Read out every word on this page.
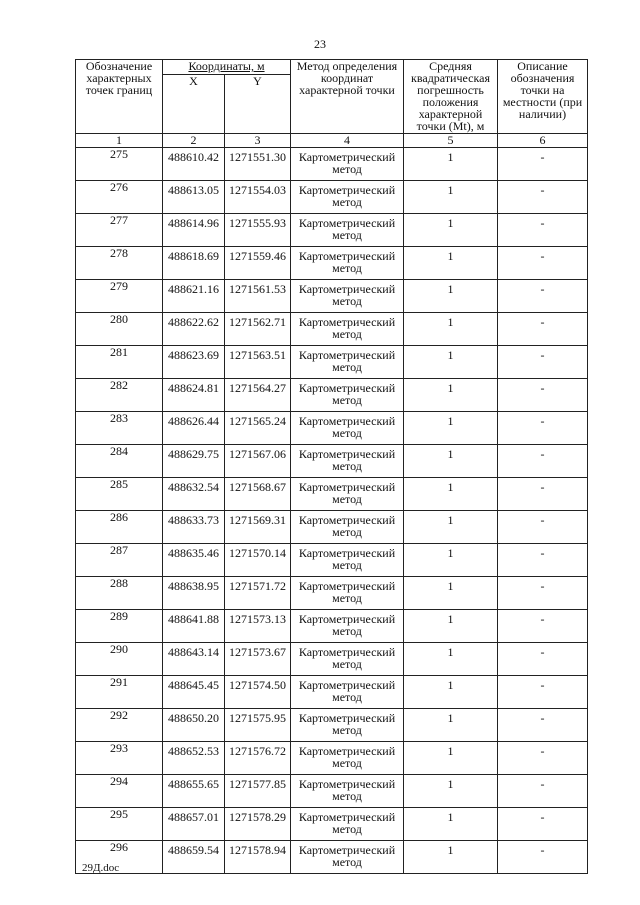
23
Обозначение характерных точек границ	Координаты, м		Метод определения координат характерной точки	Средняя квадратическая погрешность положения характерной точки (Mt), м	Описание обозначения точки на местности (при наличии)
	X	Y			
1	2	3	4	5	6
275	488610.42	1271551.30	Картометрический метод	1	-
276	488613.05	1271554.03	Картометрический метод	1	-
277	488614.96	1271555.93	Картометрический метод	1	-
278	488618.69	1271559.46	Картометрический метод	1	-
279	488621.16	1271561.53	Картометрический метод	1	-
280	488622.62	1271562.71	Картометрический метод	1	-
281	488623.69	1271563.51	Картометрический метод	1	-
282	488624.81	1271564.27	Картометрический метод	1	-
283	488626.44	1271565.24	Картометрический метод	1	-
284	488629.75	1271567.06	Картометрический метод	1	-
285	488632.54	1271568.67	Картометрический метод	1	-
286	488633.73	1271569.31	Картометрический метод	1	-
287	488635.46	1271570.14	Картометрический метод	1	-
288	488638.95	1271571.72	Картометрический метод	1	-
289	488641.88	1271573.13	Картометрический метод	1	-
290	488643.14	1271573.67	Картометрический метод	1	-
291	488645.45	1271574.50	Картометрический метод	1	-
292	488650.20	1271575.95	Картометрический метод	1	-
293	488652.53	1271576.72	Картометрический метод	1	-
294	488655.65	1271577.85	Картометрический метод	1	-
295	488657.01	1271578.29	Картометрический метод	1	-
296	488659.54	1271578.94	Картометрический метод	1	-
29Д.doc
